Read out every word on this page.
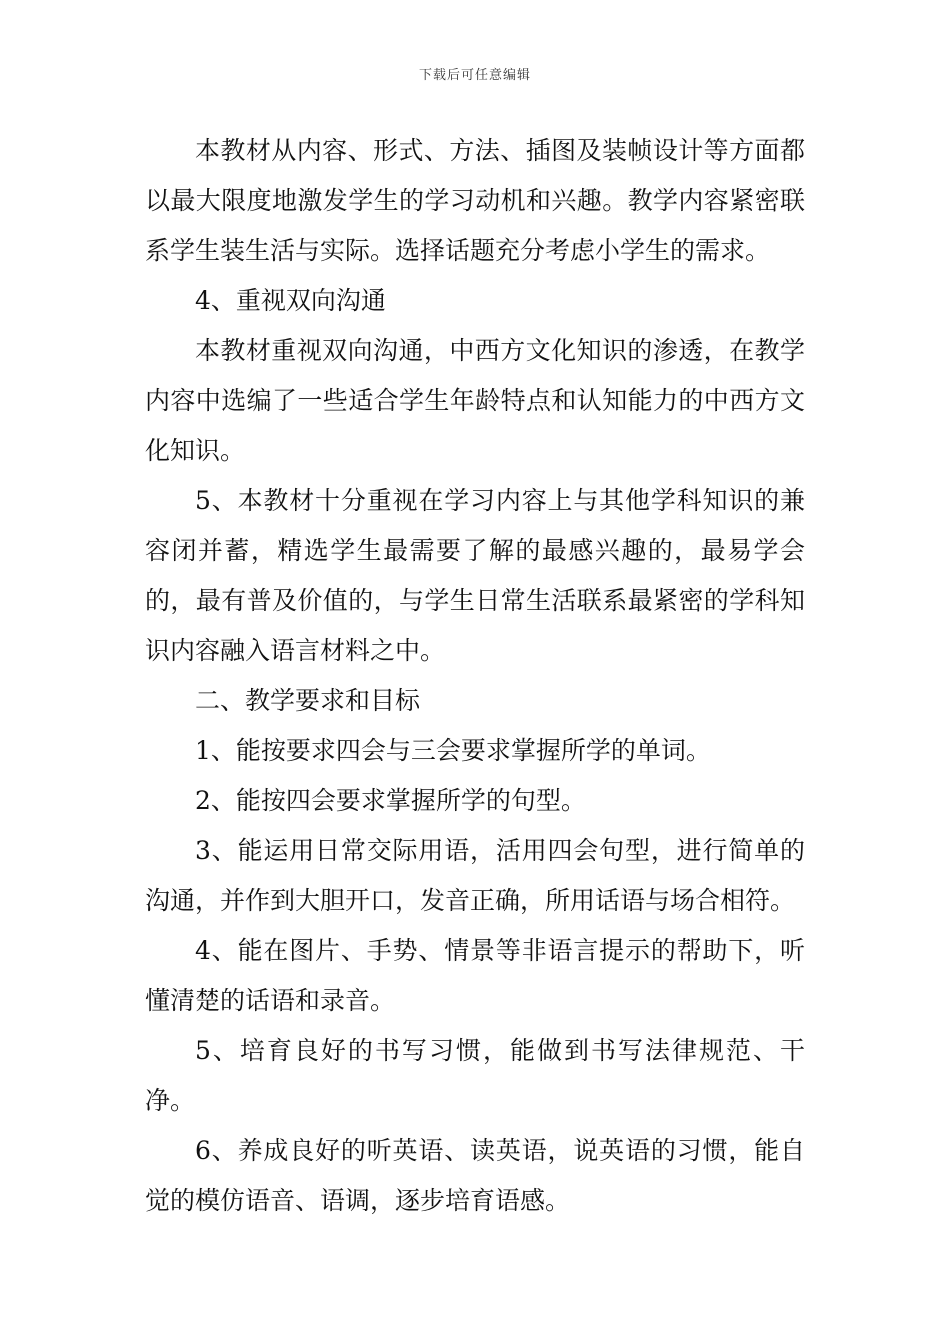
下载后可任意编辑

本教材从内容、形式、方法、插图及装帧设计等方面都以最大限度地激发学生的学习动机和兴趣。教学内容紧密联系学生装生活与实际。选择话题充分考虑小学生的需求。

4、重视双向沟通

本教材重视双向沟通，中西方文化知识的渗透，在教学内容中选编了一些适合学生年龄特点和认知能力的中西方文化知识。

5、本教材十分重视在学习内容上与其他学科知识的兼容闭并蓄，精选学生最需要了解的最感兴趣的，最易学会的，最有普及价值的，与学生日常生活联系最紧密的学科知识内容融入语言材料之中。

二、教学要求和目标

1、能按要求四会与三会要求掌握所学的单词。

2、能按四会要求掌握所学的句型。

3、能运用日常交际用语，活用四会句型，进行简单的沟通，并作到大胆开口，发音正确，所用话语与场合相符。

4、能在图片、手势、情景等非语言提示的帮助下，听懂清楚的话语和录音。

5、培育良好的书写习惯，能做到书写法律规范、干净。

6、养成良好的听英语、读英语，说英语的习惯，能自觉的模仿语音、语调，逐步培育语感。
